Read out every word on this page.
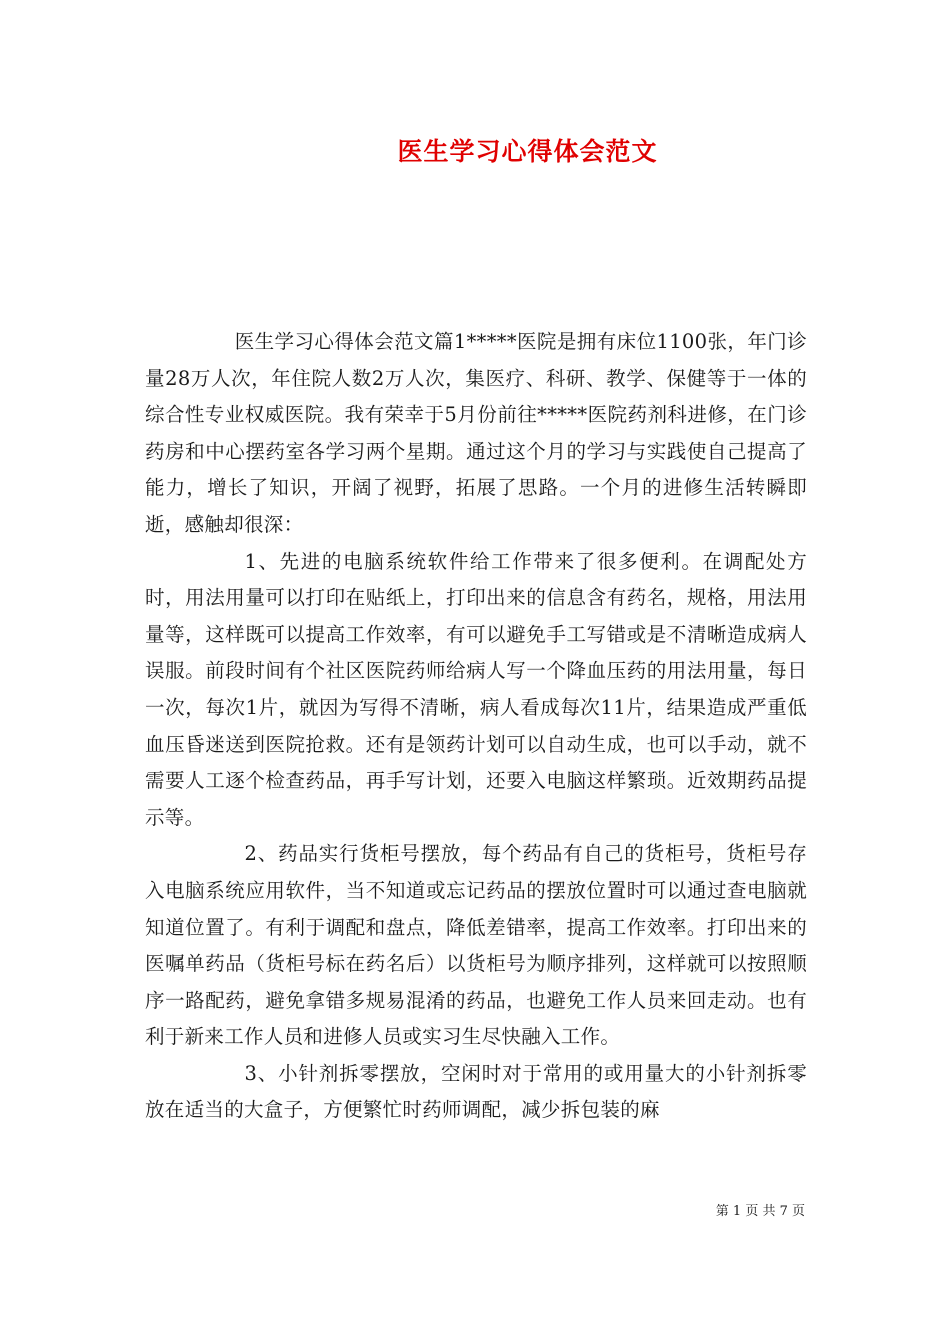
医生学习心得体会范文

医生学习心得体会范文篇1*****医院是拥有床位1100张，年门诊量28万人次，年住院人数2万人次，集医疗、科研、教学、保健等于一体的综合性专业权威医院。我有荣幸于5月份前往*****医院药剂科进修，在门诊药房和中心摆药室各学习两个星期。通过这个月的学习与实践使自己提高了能力，增长了知识，开阔了视野，拓展了思路。一个月的进修生活转瞬即逝，感触却很深：

1、先进的电脑系统软件给工作带来了很多便利。在调配处方时，用法用量可以打印在贴纸上，打印出来的信息含有药名，规格，用法用量等，这样既可以提高工作效率，有可以避免手工写错或是不清晰造成病人误服。前段时间有个社区医院药师给病人写一个降血压药的用法用量，每日一次，每次1片，就因为写得不清晰，病人看成每次11片，结果造成严重低血压昏迷送到医院抢救。还有是领药计划可以自动生成，也可以手动，就不需要人工逐个检查药品，再手写计划，还要入电脑这样繁琐。近效期药品提示等。

2、药品实行货柜号摆放，每个药品有自己的货柜号，货柜号存入电脑系统应用软件，当不知道或忘记药品的摆放位置时可以通过查电脑就知道位置了。有利于调配和盘点，降低差错率，提高工作效率。打印出来的医嘱单药品（货柜号标在药名后）以货柜号为顺序排列，这样就可以按照顺序一路配药，避免拿错多规易混淆的药品，也避免工作人员来回走动。也有利于新来工作人员和进修人员或实习生尽快融入工作。

3、小针剂拆零摆放，空闲时对于常用的或用量大的小针剂拆零放在适当的大盒子，方便繁忙时药师调配，减少拆包装的麻

第 1 页 共 7 页
